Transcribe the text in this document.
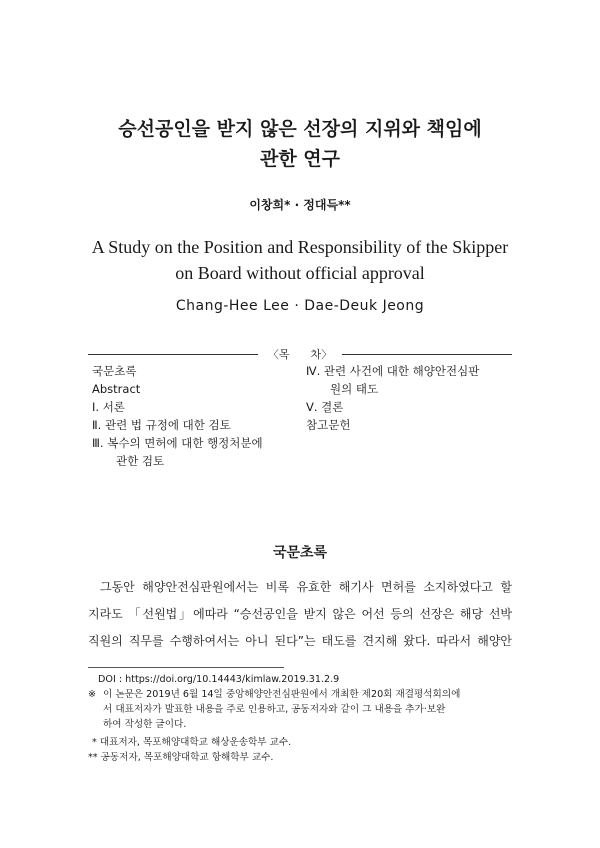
승선공인을 받지 않은 선장의 지위와 책임에
관한 연구
이창희* · 정대득**
A Study on the Position and Responsibility of the Skipper
on Board without official approval
Chang-Hee Lee · Dae-Deuk Jeong
〈목      차〉
국문초록
Abstract
Ⅰ. 서론
Ⅱ. 관련 법 규정에 대한 검토
Ⅲ. 복수의 면허에 대한 행정처분에
관한 검토
Ⅳ. 관련 사건에 대한 해양안전심판
원의 태도
Ⅴ. 결론
참고문헌
국문초록
그동안 해양안전심판원에서는 비록 유효한 해기사 면허를 소지하였다고 할
지라도 「선원법」에따라 “승선공인을 받지 않은 어선 등의 선장은 해당 선박
직원의 직무를 수행하여서는 아니 된다”는 태도를 견지해 왔다. 따라서 해양안
DOI : https://doi.org/10.14443/kimlaw.2019.31.2.9
※ 이 논문은 2019년 6월 14일 중앙해양안전심판원에서 개최한 제20회 재결평석회의에
서 대표저자가 발표한 내용을 주로 인용하고, 공동저자와 같이 그 내용을 추가·보완
하여 작성한 글이다.
* 대표저자, 목포해양대학교 해상운송학부 교수.
** 공동저자, 목포해양대학교 항해학부 교수.
